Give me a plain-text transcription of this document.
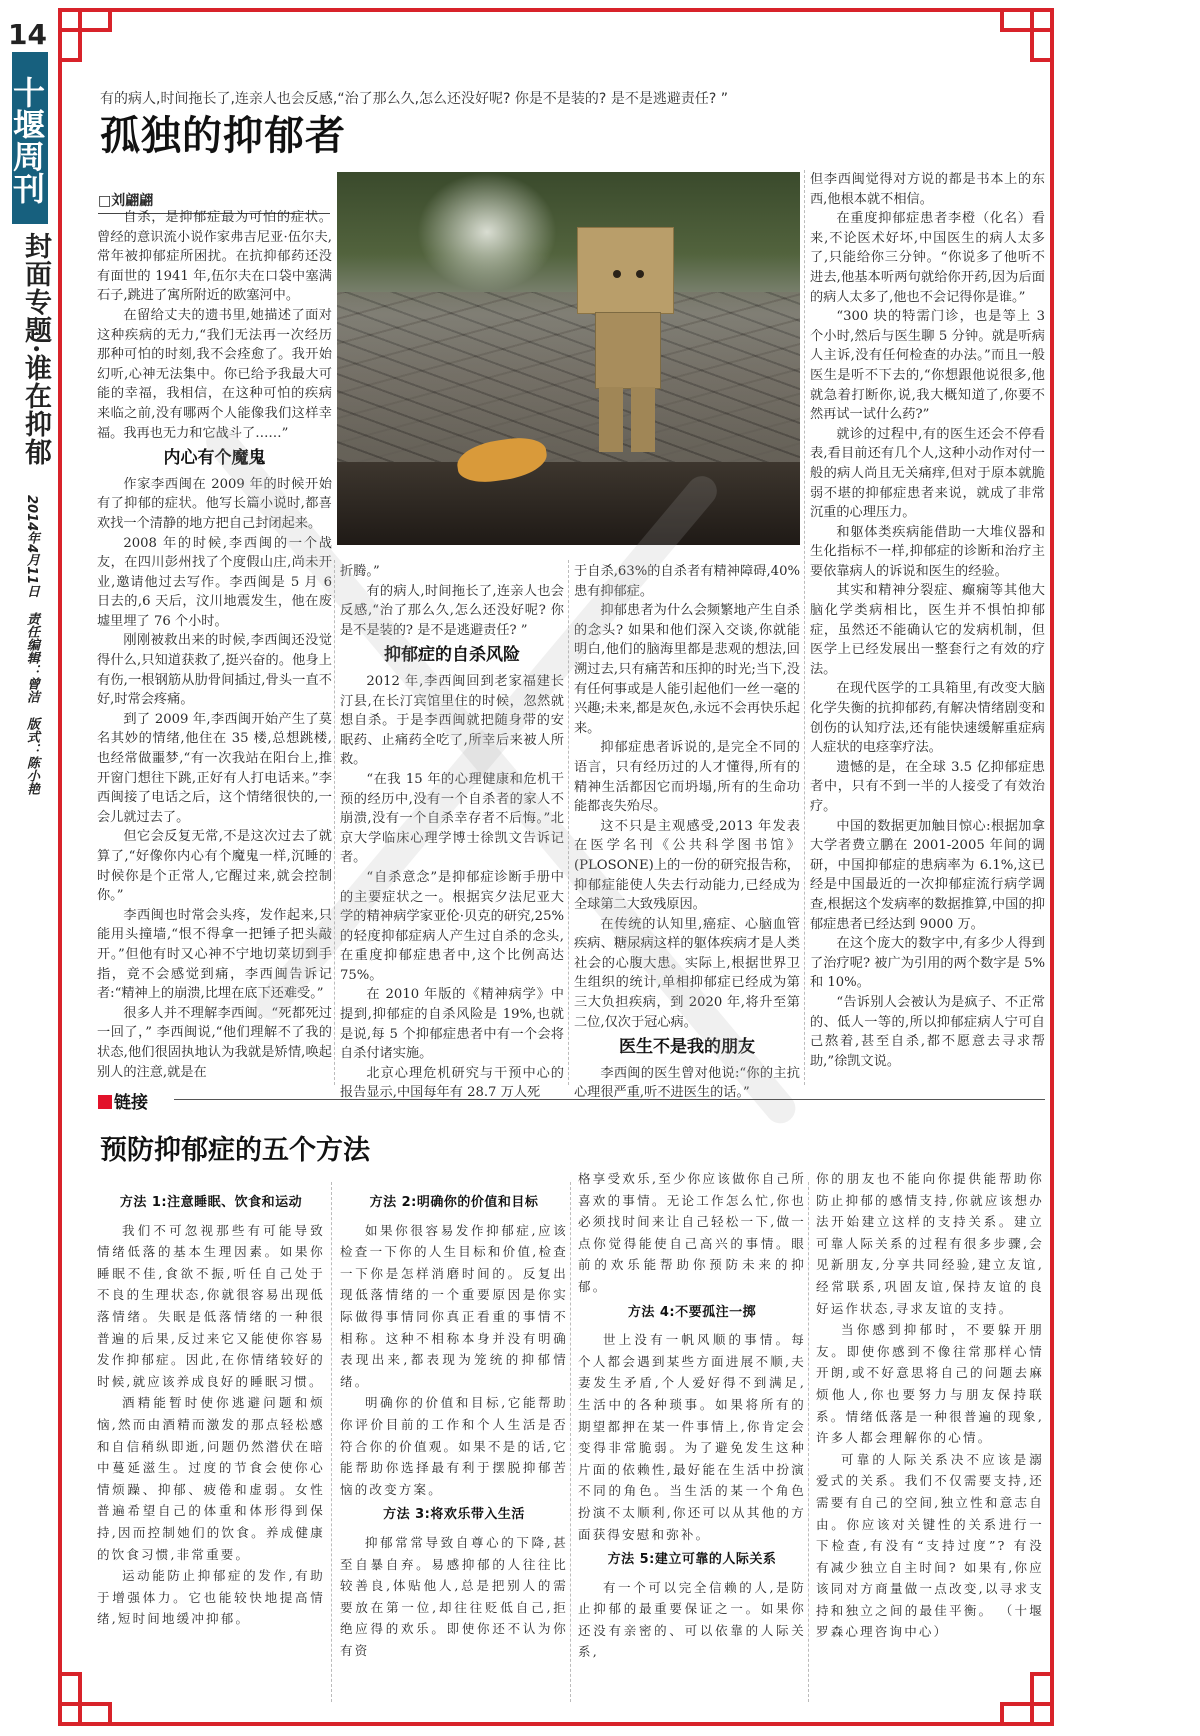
14
十堰周刊
封面专题·谁在抑郁
2014年4月11日 责任编辑：曾洁 版式：陈小艳
有的病人,时间拖长了,连亲人也会反感,“治了那么久,怎么还没好呢? 你是不是装的? 是不是逃避责任? ”
孤独的抑郁者
□刘翩翩

自杀，是抑郁症最为可怕的症状。曾经的意识流小说作家弗吉尼亚·伍尔夫,常年被抑郁症所困扰。在抗抑郁药还没有面世的 1941 年,伍尔夫在口袋中塞满石子,跳进了寓所附近的欧塞河中。

在留给丈夫的遗书里,她描述了面对这种疾病的无力,“我们无法再一次经历那种可怕的时刻,我不会痊愈了。我开始幻听,心神无法集中。你已给予我最大可能的幸福，我相信，在这种可怕的疾病来临之前,没有哪两个人能像我们这样幸福。我再也无力和它战斗了……”

内心有个魔鬼

作家李西闽在 2009 年的时候开始有了抑郁的症状。他写长篇小说时,都喜欢找一个清静的地方把自己封闭起来。

2008 年的时候,李西闽的一个战友，在四川彭州找了个度假山庄,尚未开业,邀请他过去写作。李西闽是 5 月 6 日去的,6 天后，汶川地震发生，他在废墟里埋了 76 个小时。

刚刚被救出来的时候,李西闽还没觉得什么,只知道获救了,挺兴奋的。他身上有伤,一根钢筋从肋骨间插过,骨头一直不好,时常会疼痛。

到了 2009 年,李西闽开始产生了莫名其妙的情绪,他住在 35 楼,总想跳楼,也经常做噩梦,“有一次我站在阳台上,推开窗门想往下跳,正好有人打电话来。”李西闽接了电话之后，这个情绪很快的,一会儿就过去了。

但它会反复无常,不是这次过去了就算了,“好像你内心有个魔鬼一样,沉睡的时候你是个正常人,它醒过来,就会控制你。”

李西闽也时常会头疼，发作起来,只能用头撞墙,“恨不得拿一把锤子把头敲开。”但他有时又心神不宁地切菜切到手指，竟不会感觉到痛，李西闽告诉记者:“精神上的崩溃,比埋在底下还难受。”

很多人并不理解李西闽。“死都死过一回了，” 李西闽说,“他们理解不了我的状态,他们很固执地认为我就是矫情,唤起别人的注意,就是在

折腾。”

有的病人,时间拖长了,连亲人也会反感,“治了那么久,怎么还没好呢? 你是不是装的? 是不是逃避责任? ”

抑郁症的自杀风险

2012 年,李西闽回到老家福建长汀县,在长汀宾馆里住的时候，忽然就想自杀。于是李西闽就把随身带的安眠药、止痛药全吃了,所幸后来被人所救。

“在我 15 年的心理健康和危机干预的经历中,没有一个自杀者的家人不崩溃,没有一个自杀幸存者不后悔。”北京大学临床心理学博士徐凯文告诉记者。

“自杀意念”是抑郁症诊断手册中的主要症状之一。根据宾夕法尼亚大学的精神病学家亚伦·贝克的研究,25%的轻度抑郁症病人产生过自杀的念头,在重度抑郁症患者中,这个比例高达 75%。

在 2010 年版的《精神病学》中提到,抑郁症的自杀风险是 19%,也就是说,每 5 个抑郁症患者中有一个会将自杀付诸实施。

北京心理危机研究与干预中心的报告显示,中国每年有 28.7 万人死

于自杀,63%的自杀者有精神障碍,40%患有抑郁症。

抑郁患者为什么会频繁地产生自杀的念头? 如果和他们深入交谈,你就能明白,他们的脑海里都是悲观的想法,回溯过去,只有痛苦和压抑的时光;当下,没有任何事或是人能引起他们一丝一毫的兴趣;未来,都是灰色,永远不会再快乐起来。

抑郁症患者诉说的,是完全不同的语言，只有经历过的人才懂得,所有的精神生活都因它而坍塌,所有的生命功能都丧失殆尽。

这不只是主观感受,2013 年发表在医学名刊《公共科学图书馆》(PLOSONE)上的一份的研究报告称，抑郁症能使人失去行动能力,已经成为全球第二大致残原因。

在传统的认知里,癌症、心脑血管疾病、糖尿病这样的躯体疾病才是人类社会的心腹大患。实际上,根据世界卫生组织的统计,单相抑郁症已经成为第三大负担疾病，到 2020 年,将升至第二位,仅次于冠心病。

医生不是我的朋友

李西闽的医生曾对他说:“你的主抗心理很严重,听不进医生的话。”

但李西闽觉得对方说的都是书本上的东西,他根本就不相信。

在重度抑郁症患者李橙（化名）看来,不论医术好坏,中国医生的病人太多了,只能给你三分钟。“你说多了他听不进去,他基本听两句就给你开药,因为后面的病人太多了,他也不会记得你是谁。”

“300 块的特需门诊，也是等上 3 个小时,然后与医生聊 5 分钟。就是听病人主诉,没有任何检查的办法。”而且一般医生是听不下去的,“你想跟他说很多,他就急着打断你,说,我大概知道了,你要不然再试一试什么药?”

就诊的过程中,有的医生还会不停看表,看目前还有几个人,这种小动作对付一般的病人尚且无关痛痒,但对于原本就脆弱不堪的抑郁症患者来说，就成了非常沉重的心理压力。

和躯体类疾病能借助一大堆仪器和生化指标不一样,抑郁症的诊断和治疗主要依靠病人的诉说和医生的经验。

其实和精神分裂症、癫痫等其他大脑化学类病相比，医生并不惧怕抑郁症，虽然还不能确认它的发病机制，但医学上已经发展出一整套行之有效的疗法。

在现代医学的工具箱里,有改变大脑化学失衡的抗抑郁药,有解决情绪剧变和创伤的认知疗法,还有能快速缓解重症病人症状的电痉挛疗法。

遗憾的是，在全球 3.5 亿抑郁症患者中，只有不到一半的人接受了有效治疗。

中国的数据更加触目惊心:根据加拿大学者费立鹏在 2001-2005 年间的调研，中国抑郁症的患病率为 6.1%,这已经是中国最近的一次抑郁症流行病学调查,根据这个发病率的数据推算,中国的抑郁症患者已经达到 9000 万。

在这个庞大的数字中,有多少人得到了治疗呢? 被广为引用的两个数字是 5%和 10%。

“告诉别人会被认为是疯子、不正常的、低人一等的,所以抑郁症病人宁可自己熬着,甚至自杀,都不愿意去寻求帮助,”徐凯文说。

链接
预防抑郁症的五个方法
方法 1:注意睡眠、饮食和运动

我们不可忽视那些有可能导致情绪低落的基本生理因素。如果你睡眠不佳,食欲不振,听任自己处于不良的生理状态,你就很容易出现低落情绪。失眠是低落情绪的一种很普遍的后果,反过来它又能使你容易发作抑郁症。因此,在你情绪较好的时候,就应该养成良好的睡眠习惯。

酒精能暂时使你逃避问题和烦恼,然而由酒精而激发的那点轻松感和自信稍纵即逝,问题仍然潜伏在暗中蔓延滋生。过度的节食会使你心情烦躁、抑郁、疲倦和虚弱。女性普遍希望自己的体重和体形得到保持,因而控制她们的饮食。养成健康的饮食习惯,非常重要。

运动能防止抑郁症的发作,有助于增强体力。它也能较快地提高情绪,短时间地缓冲抑郁。

方法 2:明确你的价值和目标

如果你很容易发作抑郁症,应该检查一下你的人生目标和价值,检查一下你是怎样消磨时间的。反复出现低落情绪的一个重要原因是你实际做得事情同你真正看重的事情不相称。这种不相称本身并没有明确表现出来,都表现为笼统的抑郁情绪。

明确你的价值和目标,它能帮助你评价目前的工作和个人生活是否符合你的价值观。如果不是的话,它能帮助你选择最有利于摆脱抑郁苦恼的改变方案。

方法 3:将欢乐带入生活

抑郁常常导致自尊心的下降,甚至自暴自弃。易感抑郁的人往往比较善良,体贴他人,总是把别人的需要放在第一位,却往往贬低自己,拒绝应得的欢乐。即使你还不认为你有资

格享受欢乐,至少你应该做你自己所喜欢的事情。无论工作怎么忙,你也必须找时间来让自己轻松一下,做一点你觉得能使自己高兴的事情。眼前的欢乐能帮助你预防未来的抑郁。

方法 4:不要孤注一掷

世上没有一帆风顺的事情。每个人都会遇到某些方面进展不顺,夫妻发生矛盾,个人爱好得不到满足,生活中的各种琐事。如果将所有的期望都押在某一件事情上,你肯定会变得非常脆弱。为了避免发生这种片面的依赖性,最好能在生活中扮演不同的角色。当生活的某一个角色扮演不太顺利,你还可以从其他的方面获得安慰和弥补。

方法 5:建立可靠的人际关系

有一个可以完全信赖的人,是防止抑郁的最重要保证之一。如果你还没有亲密的、可以依靠的人际关系,

你的朋友也不能向你提供能帮助你防止抑郁的感情支持,你就应该想办法开始建立这样的支持关系。建立可靠人际关系的过程有很多步骤,会见新朋友,分享共同经验,建立友谊,经常联系,巩固友谊,保持友谊的良好运作状态,寻求友谊的支持。

当你感到抑郁时，不要躲开朋友。即使你感到不像往常那样心情开朗,或不好意思将自己的问题去麻烦他人,你也要努力与朋友保持联系。情绪低落是一种很普遍的现象,许多人都会理解你的心情。

可靠的人际关系决不应该是溺爱式的关系。我们不仅需要支持,还需要有自己的空间,独立性和意志自由。你应该对关键性的关系进行一下检查,有没有“支持过度”? 有没有减少独立自主时间? 如果有,你应该同对方商量做一点改变,以寻求支持和独立之间的最佳平衡。 （十堰罗森心理咨询中心）
